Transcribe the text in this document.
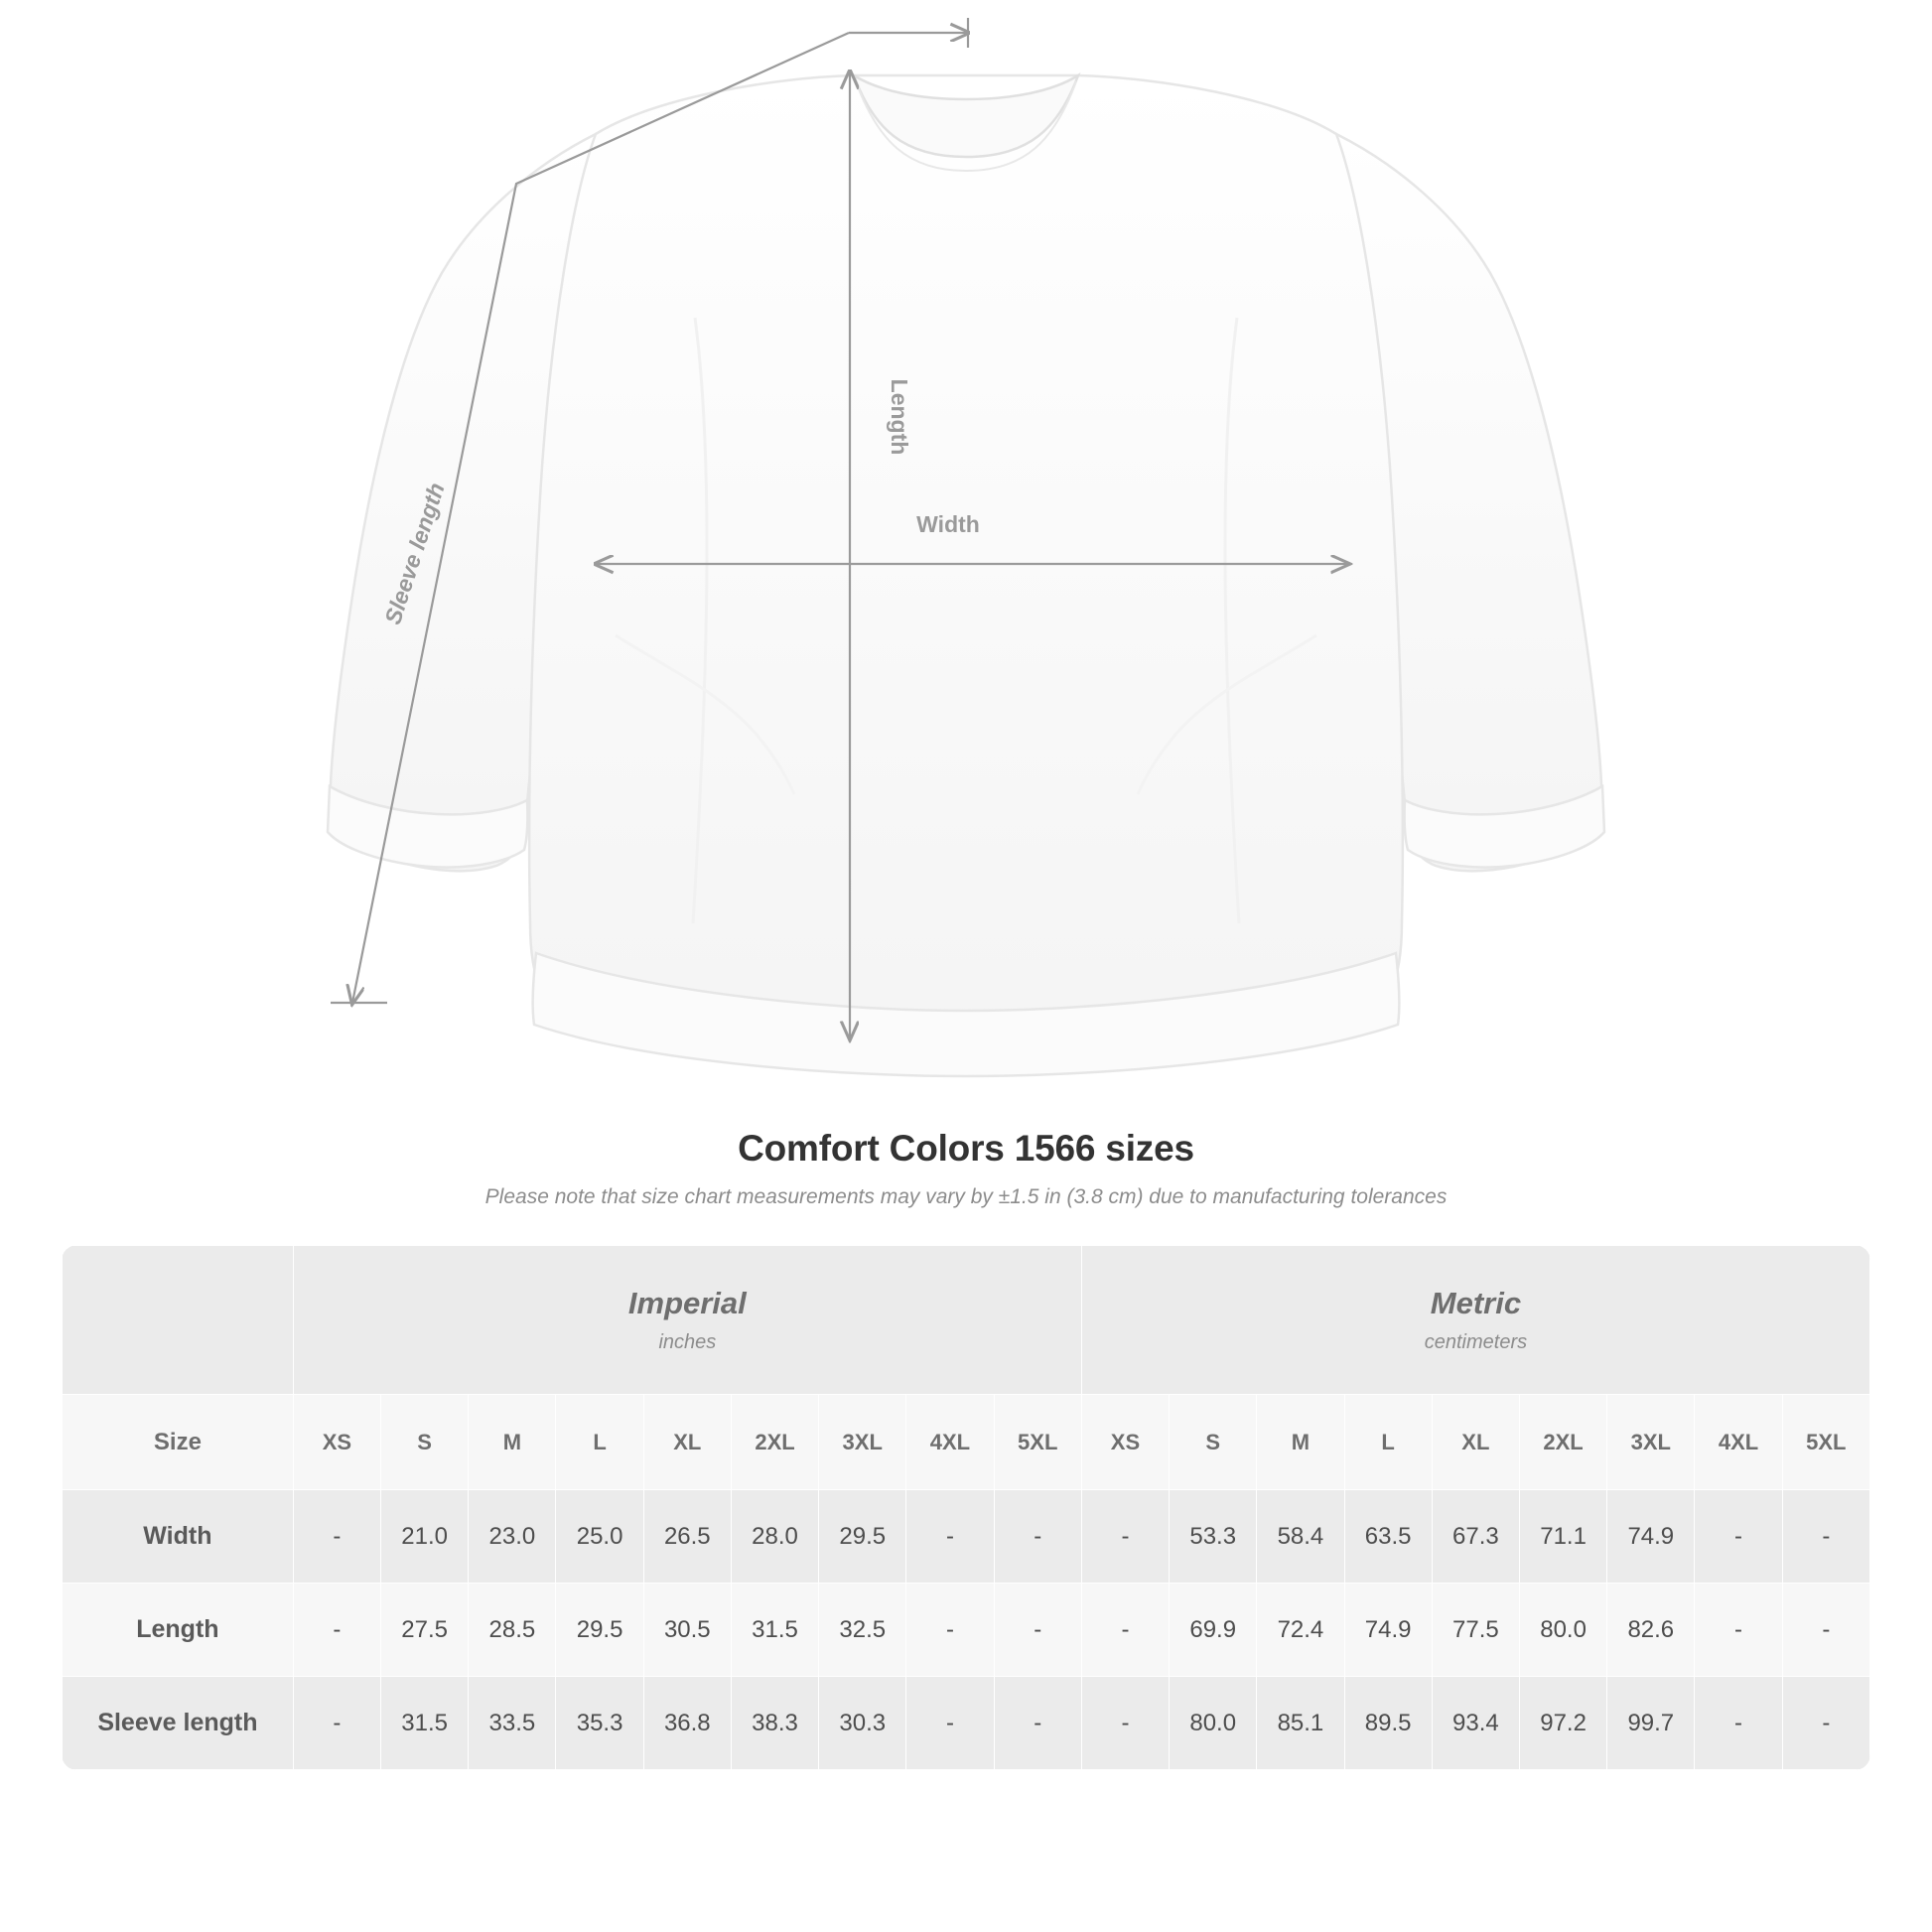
Length
Width
Sleeve length
Comfort Colors 1566 sizes
Please note that size chart measurements may vary by ±1.5 in (3.8 cm) due to manufacturing tolerances

Imperial
inches

Metric
centimeters

Size	XS	S	M	L	XL	2XL	3XL	4XL	5XL	XS	S	M	L	XL	2XL	3XL	4XL	5XL
Width	-	21.0	23.0	25.0	26.5	28.0	29.5	-	-	-	53.3	58.4	63.5	67.3	71.1	74.9	-	-
Length	-	27.5	28.5	29.5	30.5	31.5	32.5	-	-	-	69.9	72.4	74.9	77.5	80.0	82.6	-	-
Sleeve length	-	31.5	33.5	35.3	36.8	38.3	30.3	-	-	-	80.0	85.1	89.5	93.4	97.2	99.7	-	-
